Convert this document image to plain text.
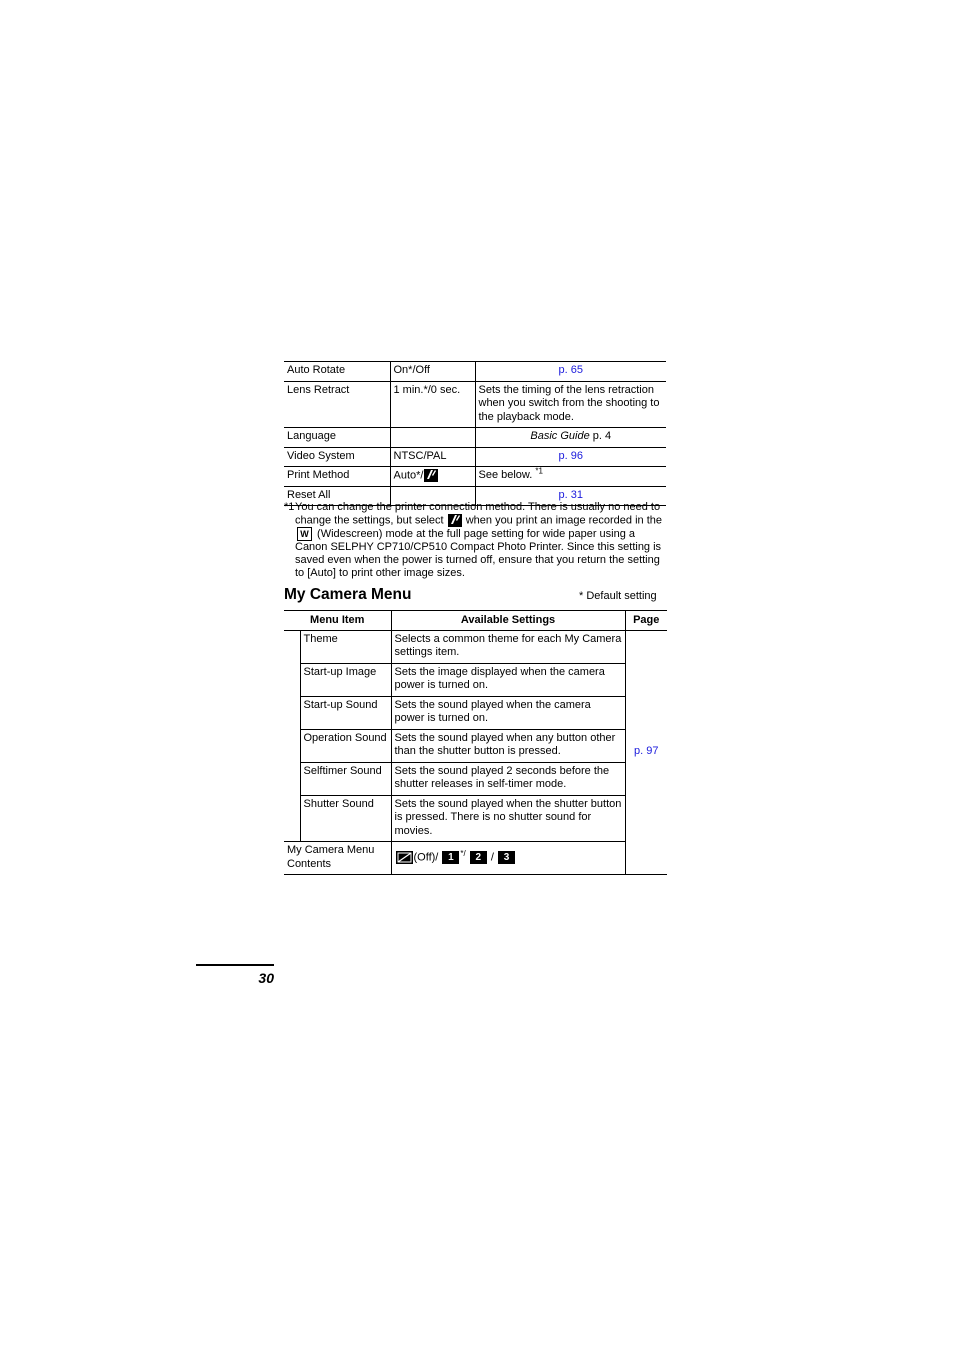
Auto Rotate	On*/Off	p. 65
Lens Retract	1 min.*/0 sec.	Sets the timing of the lens retraction when you switch from the shooting to the playback mode.
Language		Basic Guide p. 4
Video System	NTSC/PAL	p. 96
Print Method	Auto*/	See below. $^{*1}$
Reset All		p. 31
*1 You can change the printer connection method. There is usually no need to change the settings, but select  when you print an image recorded in the W (Widescreen) mode at the full page setting for wide paper using a Canon SELPHY CP710/CP510 Compact Photo Printer. Since this setting is saved even when the power is turned off, ensure that you return the setting to [Auto] to print other image sizes.
My Camera Menu	* Default setting
Menu Item		Available Settings	Page
	Theme	Selects a common theme for each My Camera settings item.	p. 97
	Start-up Image	Sets the image displayed when the camera power is turned on.	
	Start-up Sound	Sets the sound played when the camera power is turned on.	
	Operation Sound	Sets the sound played when any button other than the shutter button is pressed.	
	Selftimer Sound	Sets the sound played 2 seconds before the shutter releases in self-timer mode.	
	Shutter Sound	Sets the sound played when the shutter button is pressed. There is no shutter sound for movies.	
My Camera Menu Contents		(Off)/ 1 */ 2 / 3	
30
